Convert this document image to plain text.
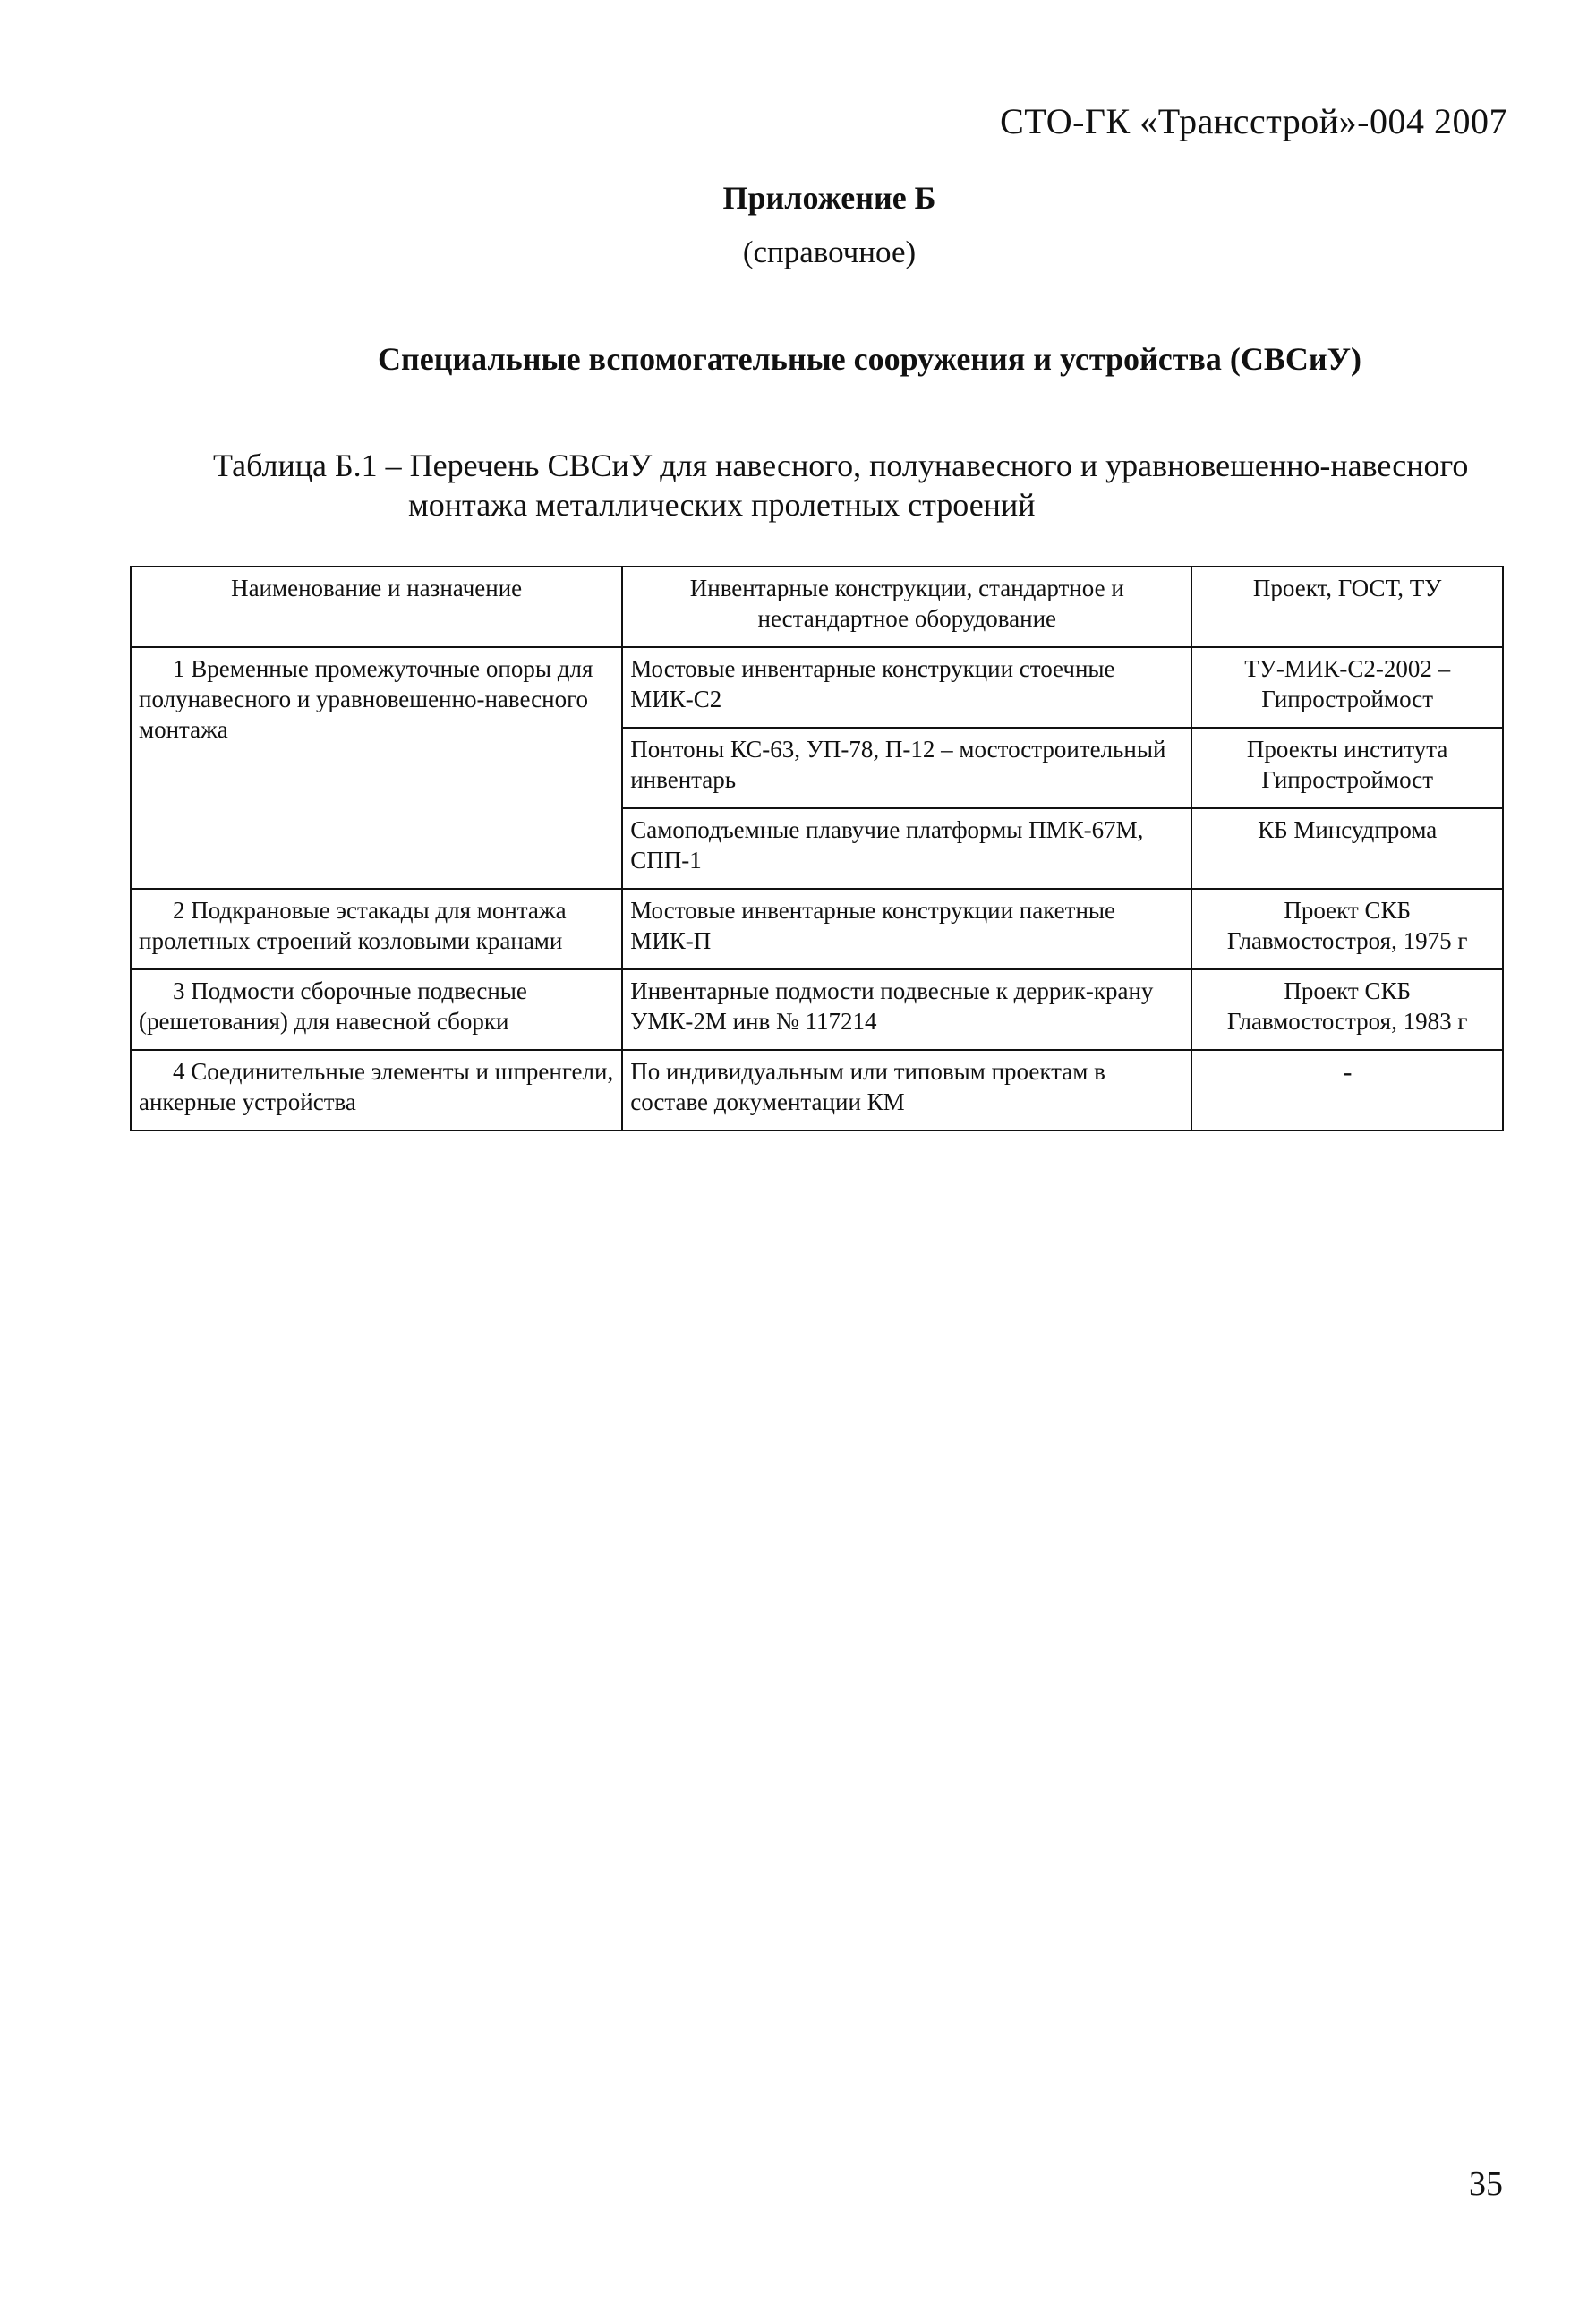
СТО-ГК «Трансстрой»-004 2007
Приложение Б
(справочное)
Специальные вспомогательные сооружения и устройства (СВСиУ)
Таблица Б.1 – Перечень СВСиУ для навесного, полунавесного и уравновешенно-навесного
монтажа металлических пролетных строений
Наименование и назначение	Инвентарные конструкции, стандартное и нестандартное оборудование	Проект, ГОСТ, ТУ
1 Временные промежуточные опоры для полунавесного и уравновешенно-навесного монтажа	Мостовые инвентарные конструкции стоечные МИК-С2	ТУ-МИК-С2-2002 – Гипростроймост
	Понтоны КС-63, УП-78, П-12 – мостостроительный инвентарь	Проекты института Гипростроймост
	Самоподъемные плавучие платформы ПМК-67М, СПП-1	КБ Минсудпрома
2 Подкрановые эстакады для монтажа пролетных строений козловыми кранами	Мостовые инвентарные конструкции пакетные МИК-П	Проект СКБ Главмостостроя, 1975 г
3 Подмости сборочные подвесные (решетования) для навесной сборки	Инвентарные подмости подвесные к деррик-крану УМК-2М инв № 117214	Проект СКБ Главмостостроя, 1983 г
4 Соединительные элементы и шпренгели, анкерные устройства	По индивидуальным или типовым проектам в составе документации КМ	-
35
